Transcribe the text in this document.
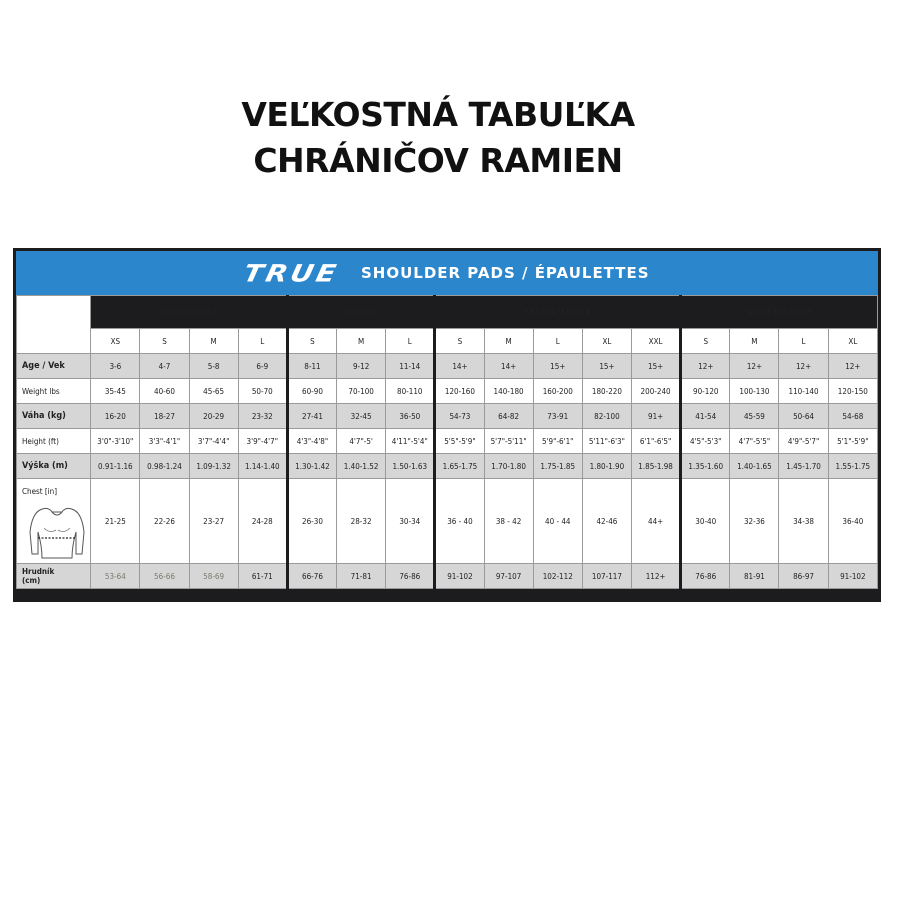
VEĽKOSTNÁ TABUĽKA
CHRÁNIČOV RAMIEN
TRUE SHOULDER PADS / ÉPAULETTES
	YOUTH/JEUNE				JUNIOR			SENIOR/SÉNOR					WOMEN/FEMME			
	XS	S	M	L	S	M	L	S	M	L	XL	XXL	S	M	L	XL
Age / Vek	3-6	4-7	5-8	6-9	8-11	9-12	11-14	14+	14+	15+	15+	15+	12+	12+	12+	12+
Weight lbs	35-45	40-60	45-65	50-70	60-90	70-100	80-110	120-160	140-180	160-200	180-220	200-240	90-120	100-130	110-140	120-150
Váha (kg)	16-20	18-27	20-29	23-32	27-41	32-45	36-50	54-73	64-82	73-91	82-100	91+	41-54	45-59	50-64	54-68
Height (ft)	3'0"-3'10"	3'3"-4'1"	3'7"-4'4"	3'9"-4'7"	4'3"-4'8"	4'7"-5'	4'11"-5'4"	5'5"-5'9"	5'7"-5'11"	5'9"-6'1"	5'11"-6'3"	6'1"-6'5"	4'5"-5'3"	4'7"-5'5"	4'9"-5'7"	5'1"-5'9"
Výška (m)	0.91-1.16	0.98-1.24	1.09-1.32	1.14-1.40	1.30-1.42	1.40-1.52	1.50-1.63	1.65-1.75	1.70-1.80	1.75-1.85	1.80-1.90	1.85-1.98	1.35-1.60	1.40-1.65	1.45-1.70	1.55-1.75

Chest [in]	21-25	22-26	23-27	24-28	26-30	28-32	30-34	36 - 40	38 - 42	40 - 44	42-46	44+	30-40	32-36	34-38	36-40

Hrudník
(cm)	53-64	56-66	58-69	61-71	66-76	71-81	76-86	91-102	97-107	102-112	107-117	112+	76-86	81-91	86-97	91-102
